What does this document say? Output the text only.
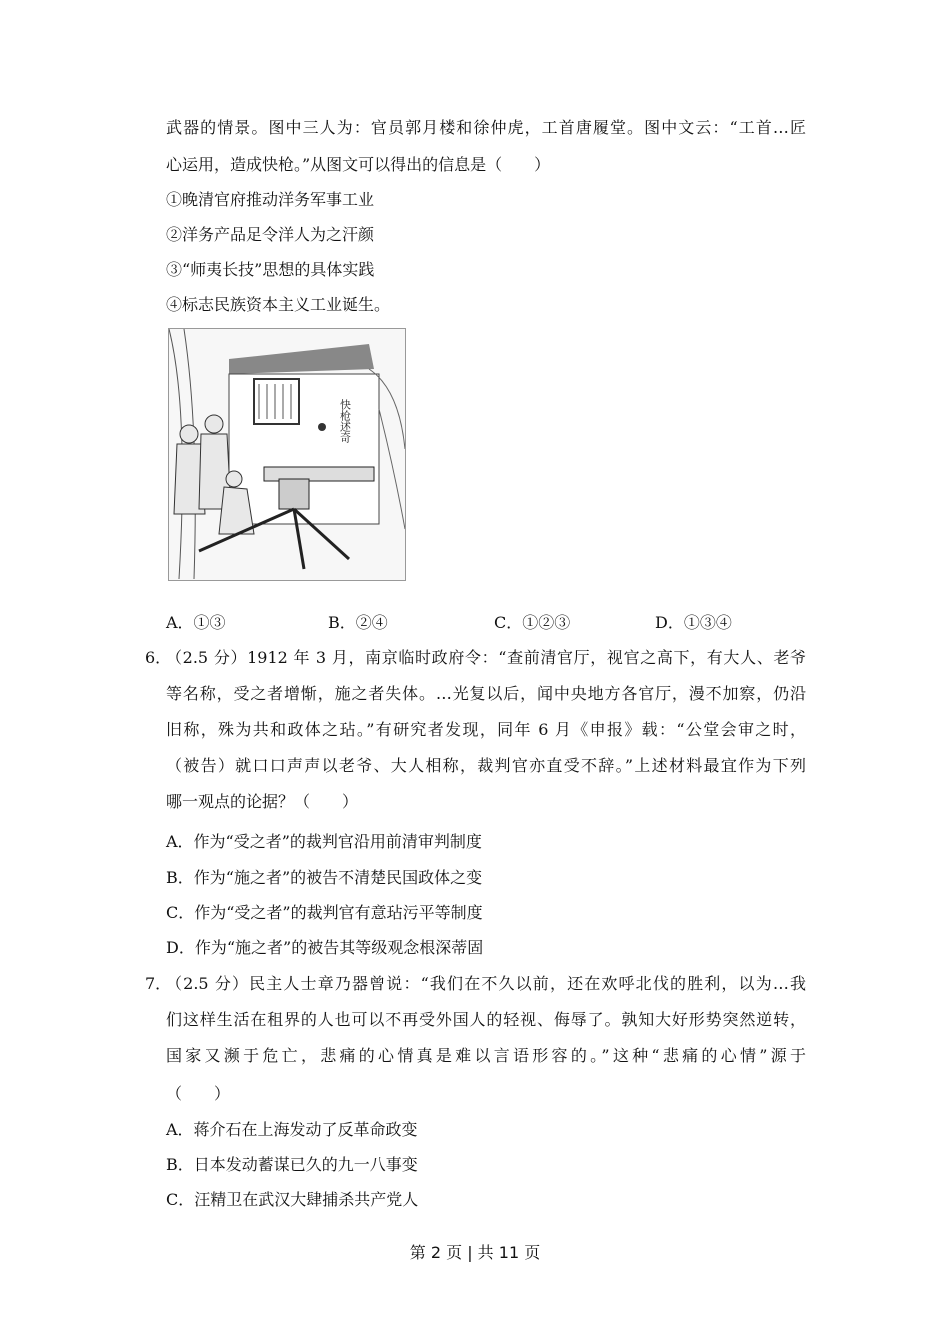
武器的情景。图中三人为：官员郭月楼和徐仲虎，工首唐履堂。图中文云：“工首…匠
心运用，造成快枪。”从图文可以得出的信息是（　　）
①晚清官府推动洋务军事工业
②洋务产品足令洋人为之汗颜
③“师夷长技”思想的具体实践
④标志民族资本主义工业诞生。
快枪述奇
A．①③	B．②④	C．①②③	D．①③④
6．
（2.5 分）1912 年 3 月，南京临时政府令：“查前清官厅，视官之高下，有大人、老爷
等名称，受之者增惭，施之者失体。…光复以后，闻中央地方各官厅，漫不加察，仍沿
旧称，殊为共和政体之玷。”有研究者发现，同年 6 月《申报》载：“公堂会审之时，
（被告）就口口声声以老爷、大人相称，裁判官亦直受不辞。”上述材料最宜作为下列
哪一观点的论据？（　　）
A．作为“受之者”的裁判官沿用前清审判制度
B．作为“施之者”的被告不清楚民国政体之变
C．作为“受之者”的裁判官有意玷污平等制度
D．作为“施之者”的被告其等级观念根深蒂固
7．
（2.5 分）民主人士章乃器曾说：“我们在不久以前，还在欢呼北伐的胜利，以为…我
们这样生活在租界的人也可以不再受外国人的轻视、侮辱了。孰知大好形势突然逆转，
国家又濒于危亡，悲痛的心情真是难以言语形容的。”这种“悲痛的心情”源于
（　　）
A．蒋介石在上海发动了反革命政变
B．日本发动蓄谋已久的九一八事变
C．汪精卫在武汉大肆捕杀共产党人
第 2 页 | 共 11 页
